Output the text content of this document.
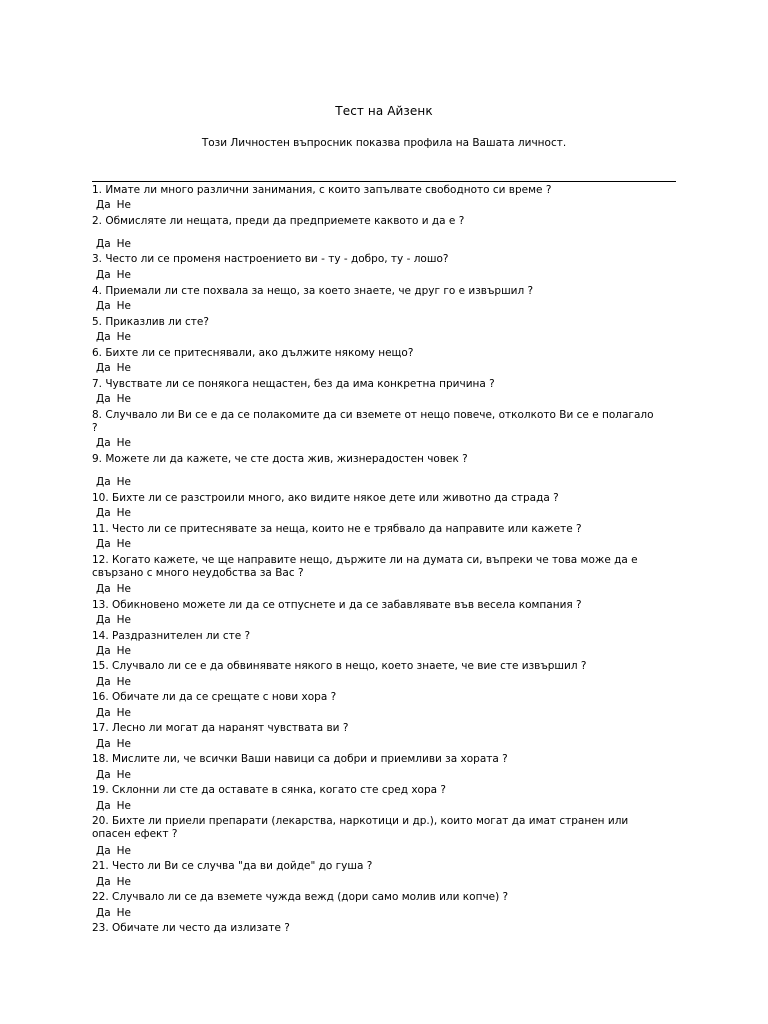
Тест на Айзенк
Този Личностен въпросник показва профила на Вашата личност.
1. Имате ли много различни занимания, с които запълвате свободното си време ?
Да Не
2. Обмисляте ли нещата, преди да предприемете каквото и да е ?
Да Не
3. Често ли се променя настроението ви - ту - добро, ту - лошо?
Да Не
4. Приемали ли сте похвала за нещо, за което знаете, че друг го е извършил ?
Да Не
5. Приказлив ли сте?
Да Не
6. Бихте ли се притеснявали, ако дължите някому нещо?
Да Не
7. Чувствате ли се понякога нещастен, без да има конкретна причина ?
Да Не
8. Случвало ли Ви се е да се полакомите да си вземете от нещо повече, отколкото Ви се е полагало ?
Да Не
9. Можете ли да кажете, че сте доста жив, жизнерадостен човек ?
Да Не
10. Бихте ли се разстроили много, ако видите някое дете или животно да страда ?
Да Не
11. Често ли се притеснявате за неща, които не е трябвало да направите или кажете ?
Да Не
12. Когато кажете, че ще направите нещо, държите ли на думата си, въпреки че това може да е свързано с много неудобства за Вас ?
Да Не
13. Обикновено можете ли да се отпуснете и да се забавлявате във весела компания ?
Да Не
14. Раздразнителен ли сте ?
Да Не
15. Случвало ли се е да обвинявате някого в нещо, което знаете, че вие сте извършил ?
Да Не
16. Обичате ли да се срещате с нови хора ?
Да Не
17. Лесно ли могат да наранят чувствата ви ?
Да Не
18. Мислите ли, че всички Ваши навици са добри и приемливи за хората ?
Да Не
19. Склонни ли сте да оставате в сянка, когато сте сред хора ?
Да Не
20. Бихте ли приели препарати (лекарства, наркотици и др.), които могат да имат странен или опасен ефект ?
Да Не
21. Често ли Ви се случва "да ви дойде" до гуша ?
Да Не
22. Случвало ли се да вземете чужда вежд (дори само молив или копче) ?
Да Не
23. Обичате ли често да излизате ?
